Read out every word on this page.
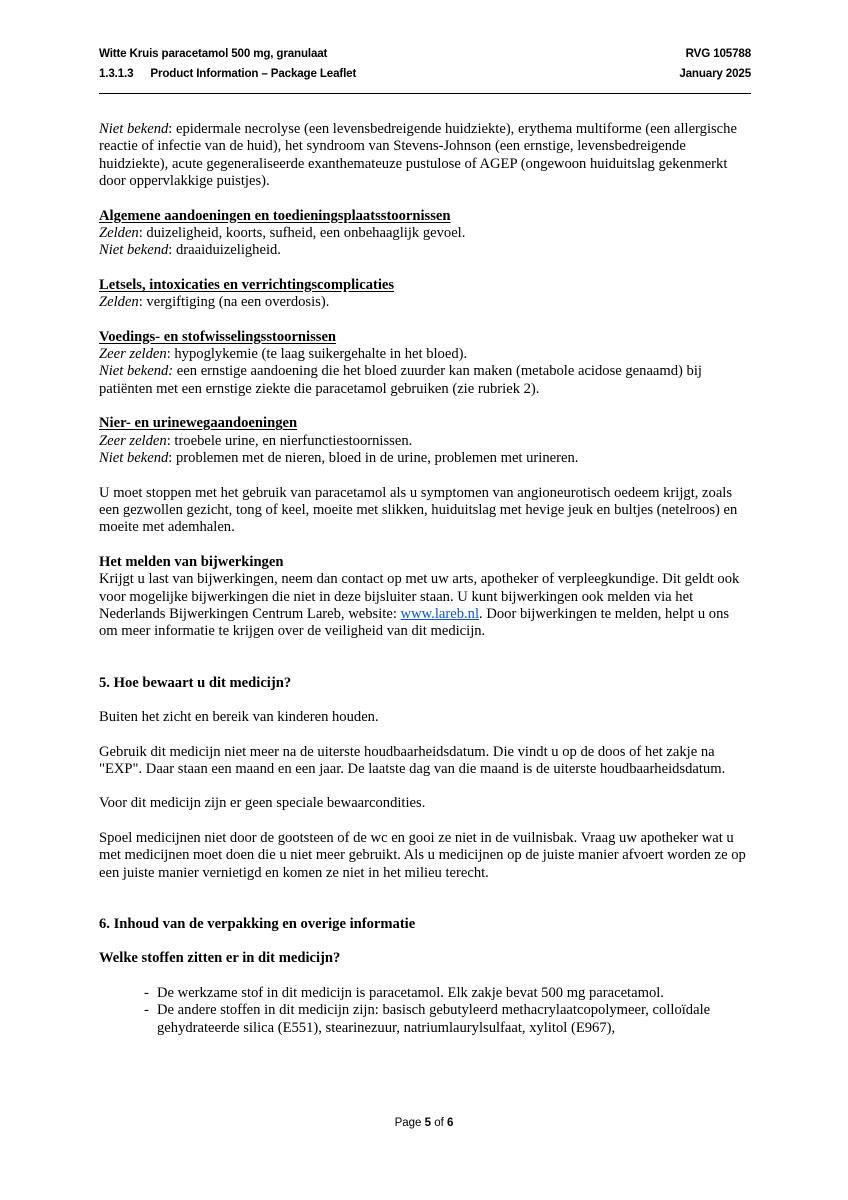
Witte Kruis paracetamol 500 mg, granulaat	RVG 105788
1.3.1.3 Product Information – Package Leaflet	January 2025

Niet bekend: epidermale necrolyse (een levensbedreigende huidziekte), erythema multiforme (een allergische reactie of infectie van de huid), het syndroom van Stevens-Johnson (een ernstige, levensbedreigende huidziekte), acute gegeneraliseerde exanthemateuze pustulose of AGEP (ongewoon huiduitslag gekenmerkt door oppervlakkige puistjes).

Algemene aandoeningen en toedieningsplaatsstoornissen

Zelden: duizeligheid, koorts, sufheid, een onbehaaglijk gevoel.

Niet bekend: draaiduizeligheid.

Letsels, intoxicaties en verrichtingscomplicaties

Zelden: vergiftiging (na een overdosis).

Voedings- en stofwisselingsstoornissen

Zeer zelden: hypoglykemie (te laag suikergehalte in het bloed).

Niet bekend: een ernstige aandoening die het bloed zuurder kan maken (metabole acidose genaamd) bij patiënten met een ernstige ziekte die paracetamol gebruiken (zie rubriek 2).

Nier- en urinewegaandoeningen

Zeer zelden: troebele urine, en nierfunctiestoornissen.

Niet bekend: problemen met de nieren, bloed in de urine, problemen met urineren.

U moet stoppen met het gebruik van paracetamol als u symptomen van angioneurotisch oedeem krijgt, zoals een gezwollen gezicht, tong of keel, moeite met slikken, huiduitslag met hevige jeuk en bultjes (netelroos) en moeite met ademhalen.

Het melden van bijwerkingen

Krijgt u last van bijwerkingen, neem dan contact op met uw arts, apotheker of verpleegkundige. Dit geldt ook voor mogelijke bijwerkingen die niet in deze bijsluiter staan. U kunt bijwerkingen ook melden via het Nederlands Bijwerkingen Centrum Lareb, website: www.lareb.nl. Door bijwerkingen te melden, helpt u ons om meer informatie te krijgen over de veiligheid van dit medicijn.

5. Hoe bewaart u dit medicijn?

Buiten het zicht en bereik van kinderen houden.

Gebruik dit medicijn niet meer na de uiterste houdbaarheidsdatum. Die vindt u op de doos of het zakje na "EXP". Daar staan een maand en een jaar. De laatste dag van die maand is de uiterste houdbaarheidsdatum.

Voor dit medicijn zijn er geen speciale bewaarcondities.

Spoel medicijnen niet door de gootsteen of de wc en gooi ze niet in de vuilnisbak. Vraag uw apotheker wat u met medicijnen moet doen die u niet meer gebruikt. Als u medicijnen op de juiste manier afvoert worden ze op een juiste manier vernietigd en komen ze niet in het milieu terecht.

6. Inhoud van de verpakking en overige informatie

Welke stoffen zitten er in dit medicijn?

- De werkzame stof in dit medicijn is paracetamol. Elk zakje bevat 500 mg paracetamol.
- De andere stoffen in dit medicijn zijn: basisch gebutyleerd methacrylaatcopolymeer, colloïdale gehydrateerde silica (E551), stearinezuur, natriumlaurylsulfaat, xylitol (E967),
Page 5 of 6
